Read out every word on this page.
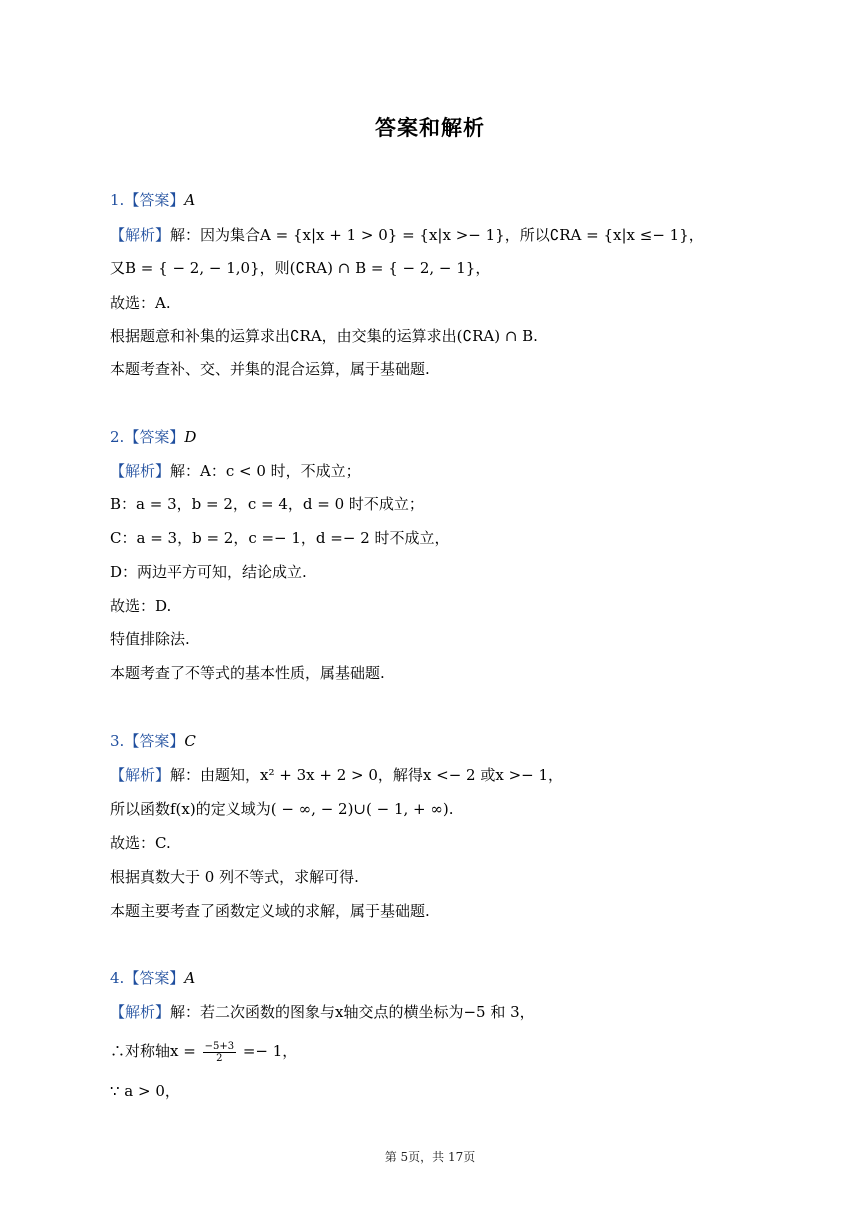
答案和解析
1.【答案】A
【解析】解：因为集合A = {x|x + 1 > 0} = {x|x >− 1}，所以∁RA = {x|x ≤− 1}，
又B = { − 2, − 1,0}，则(∁RA) ∩ B = { − 2, − 1}，
故选：A.
根据题意和补集的运算求出∁RA，由交集的运算求出(∁RA) ∩ B.
本题考查补、交、并集的混合运算，属于基础题.
2.【答案】D
【解析】解：A：c < 0 时，不成立；
B：a = 3，b = 2，c = 4，d = 0 时不成立；
C：a = 3，b = 2，c =− 1，d =− 2 时不成立，
D：两边平方可知，结论成立.
故选：D.
特值排除法.
本题考查了不等式的基本性质，属基础题.
3.【答案】C
【解析】解：由题知，x² + 3x + 2 > 0，解得x <− 2 或x >− 1，
所以函数f(x)的定义域为( − ∞, − 2)∪( − 1, + ∞).
故选：C.
根据真数大于 0 列不等式，求解可得.
本题主要考查了函数定义域的求解，属于基础题.
4.【答案】A
【解析】解：若二次函数的图象与x轴交点的横坐标为−5 和 3，
∴对称轴$x = \frac{-5+3}{2} =- 1$，
∵ a > 0，
第 5页，共 17页
